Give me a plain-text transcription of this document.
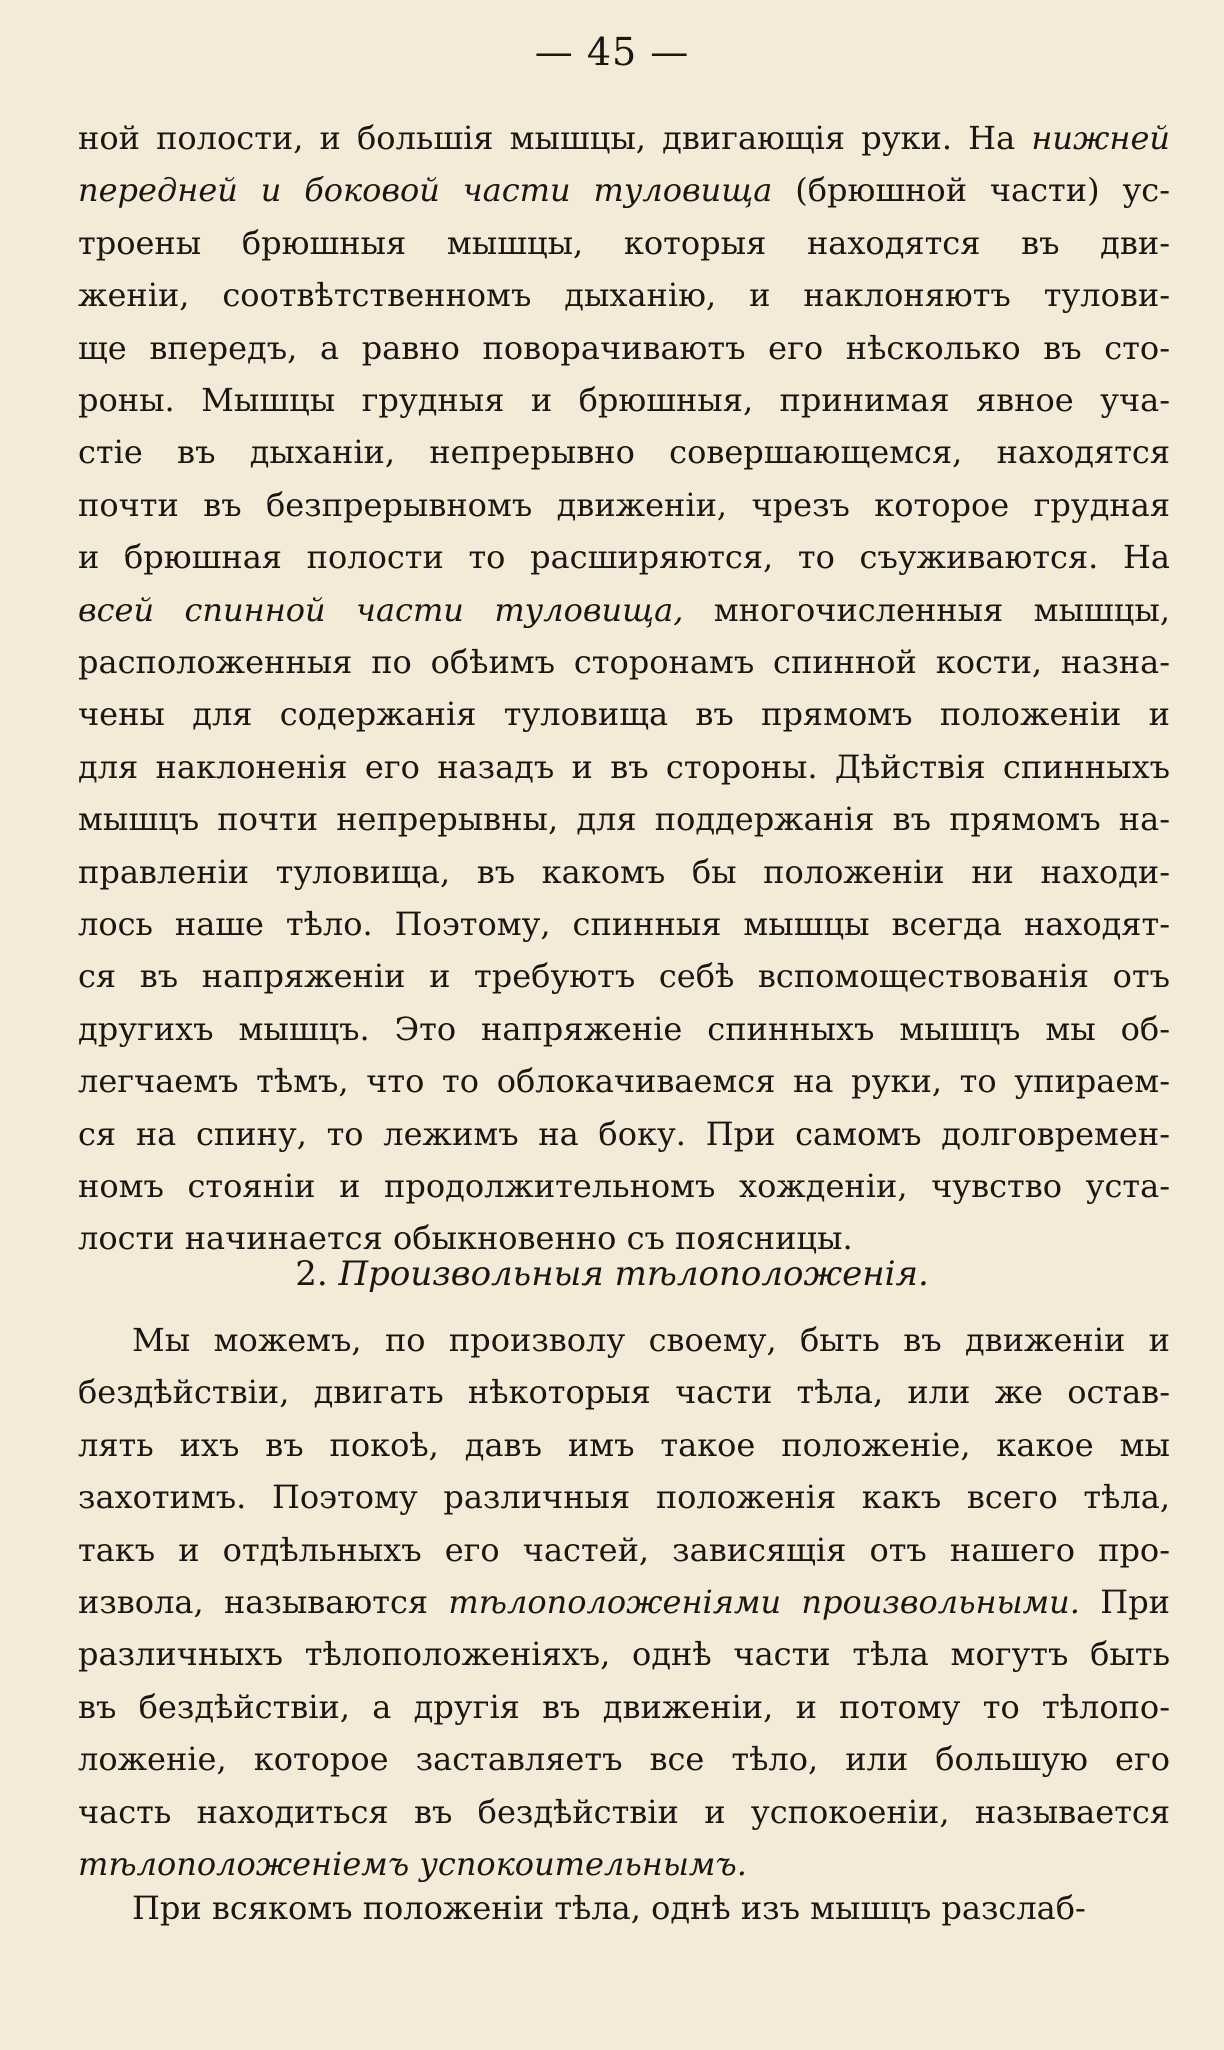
— 45 —
ной полости, и большія мышцы, двигающія руки. На нижней
передней и боковой части туловища (брюшной части) ус-
троены брюшныя мышцы, которыя находятся въ дви-
женіи, соотвѣтственномъ дыханію, и наклоняютъ тулови-
ще впередъ, а равно поворачиваютъ его нѣсколько въ сто-
роны. Мышцы грудныя и брюшныя, принимая явное уча-
стіе въ дыханіи, непрерывно совершающемся, находятся
почти въ безпрерывномъ движеніи, чрезъ которое грудная
и брюшная полости то расширяются, то съуживаются. На
всей спинной части туловища, многочисленныя мышцы,
расположенныя по обѣимъ сторонамъ спинной кости, назна-
чены для содержанія туловища въ прямомъ положеніи и
для наклоненія его назадъ и въ стороны. Дѣйствія спинныхъ
мышцъ почти непрерывны, для поддержанія въ прямомъ на-
правленіи туловища, въ какомъ бы положеніи ни находи-
лось наше тѣло. Поэтому, спинныя мышцы всегда находят-
ся въ напряженіи и требуютъ себѣ вспомоществованія отъ
другихъ мышцъ. Это напряженіе спинныхъ мышцъ мы об-
легчаемъ тѣмъ, что то облокачиваемся на руки, то упираем-
ся на спину, то лежимъ на боку. При самомъ долговремен-
номъ стояніи и продолжительномъ хожденіи, чувство уста-
лости начинается обыкновенно съ поясницы.
2. Произвольныя тѣлоположенія.
Мы можемъ, по произволу своему, быть въ движеніи и
бездѣйствіи, двигать нѣкоторыя части тѣла, или же остав-
лять ихъ въ покоѣ, давъ имъ такое положеніе, какое мы
захотимъ. Поэтому различныя положенія какъ всего тѣла,
такъ и отдѣльныхъ его частей, зависящія отъ нашего про-
извола, называются тѣлоположеніями произвольными. При
различныхъ тѣлоположеніяхъ, однѣ части тѣла могутъ быть
въ бездѣйствіи, а другія въ движеніи, и потому то тѣлопо-
ложеніе, которое заставляетъ все тѣло, или большую его
часть находиться въ бездѣйствіи и успокоеніи, называется
тѣлоположеніемъ успокоительнымъ.
При всякомъ положеніи тѣла, однѣ изъ мышцъ разслаб-
